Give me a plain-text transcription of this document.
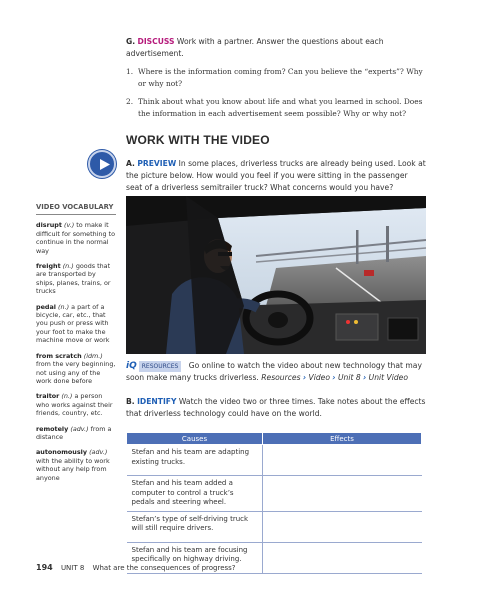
G. DISCUSS Work with a partner. Answer the questions about each advertisement.
1. Where is the information coming from? Can you believe the “experts”? Why or why not?
2. Think about what you know about life and what you learned in school. Does the information in each advertisement seem possible? Why or why not?
WORK WITH THE VIDEO
A. PREVIEW In some places, driverless trucks are already being used. Look at the picture below. How would you feel if you were sitting in the passenger seat of a driverless semitrailer truck? What concerns would you have?
VIDEO VOCABULARY
disrupt (v.) to make it difficult for something to continue in the normal way
freight (n.) goods that are transported by ships, planes, trains, or trucks
pedal (n.) a part of a bicycle, car, etc., that you push or press with your foot to make the machine move or work
from scratch (idm.) from the very beginning, not using any of the work done before
traitor (n.) a person who works against their friends, country, etc.
remotely (adv.) from a distance
autonomously (adv.) with the ability to work without any help from anyone
iQ RESOURCES Go online to watch the video about new technology that may soon make many trucks driverless. Resources › Video › Unit 8 › Unit Video
B. IDENTIFY Watch the video two or three times. Take notes about the effects that driverless technology could have on the world.
Causes	Effects
Stefan and his team are adapting existing trucks.	
Stefan and his team added a computer to control a truck’s pedals and steering wheel.	
Stefan’s type of self-driving truck will still require drivers.	
Stefan and his team are focusing specifically on highway driving.	
194 UNIT 8 What are the consequences of progress?
